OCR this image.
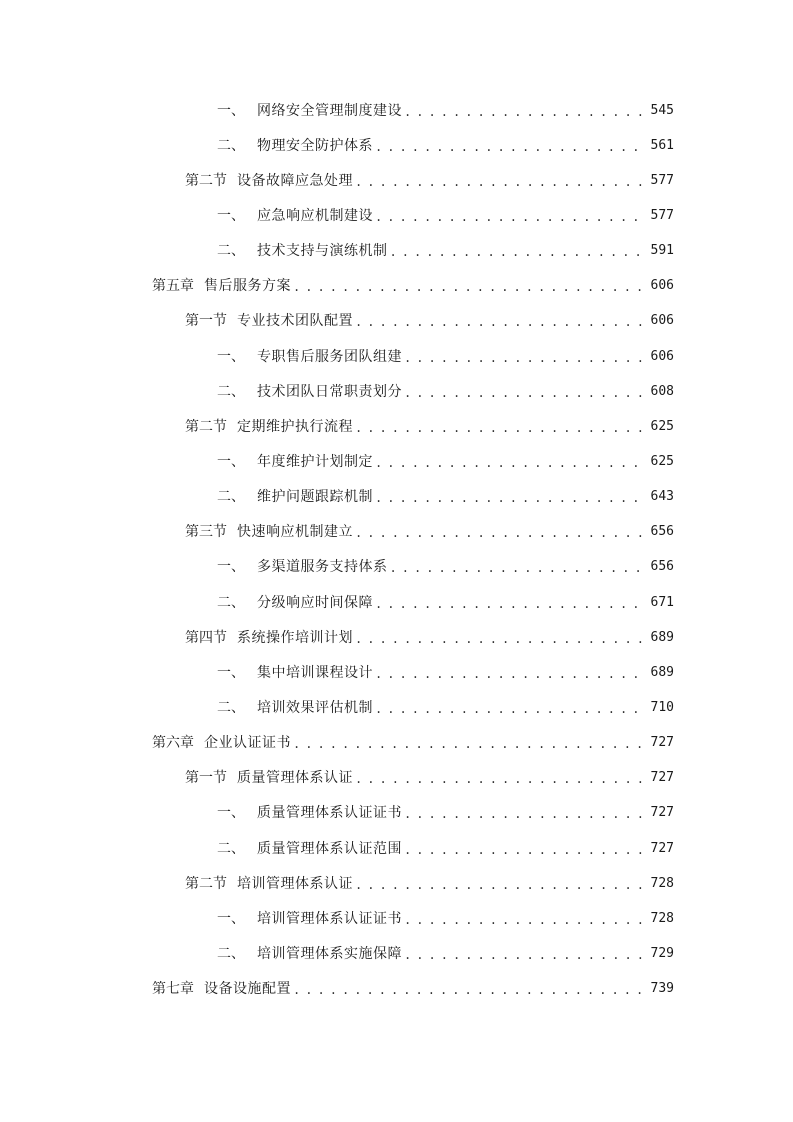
一、 网络安全管理制度建设 . . .	545
二、 物理安全防护体系 . . .	561
第二节 设备故障应急处理 . . .	577
一、 应急响应机制建设 . . .	577
二、 技术支持与演练机制 . . .	591
第五章 售后服务方案 . . .	606
第一节 专业技术团队配置 . . .	606
一、 专职售后服务团队组建 . . .	606
二、 技术团队日常职责划分 . . .	608
第二节 定期维护执行流程 . . .	625
一、 年度维护计划制定 . . .	625
二、 维护问题跟踪机制 . . .	643
第三节 快速响应机制建立 . . .	656
一、 多渠道服务支持体系 . . .	656
二、 分级响应时间保障 . . .	671
第四节 系统操作培训计划 . . .	689
一、 集中培训课程设计 . . .	689
二、 培训效果评估机制 . . .	710
第六章 企业认证证书 . . .	727
第一节 质量管理体系认证 . . .	727
一、 质量管理体系认证证书 . . .	727
二、 质量管理体系认证范围 . . .	727
第二节 培训管理体系认证 . . .	728
一、 培训管理体系认证证书 . . .	728
二、 培训管理体系实施保障 . . .	729
第七章 设备设施配置 . . .	739
